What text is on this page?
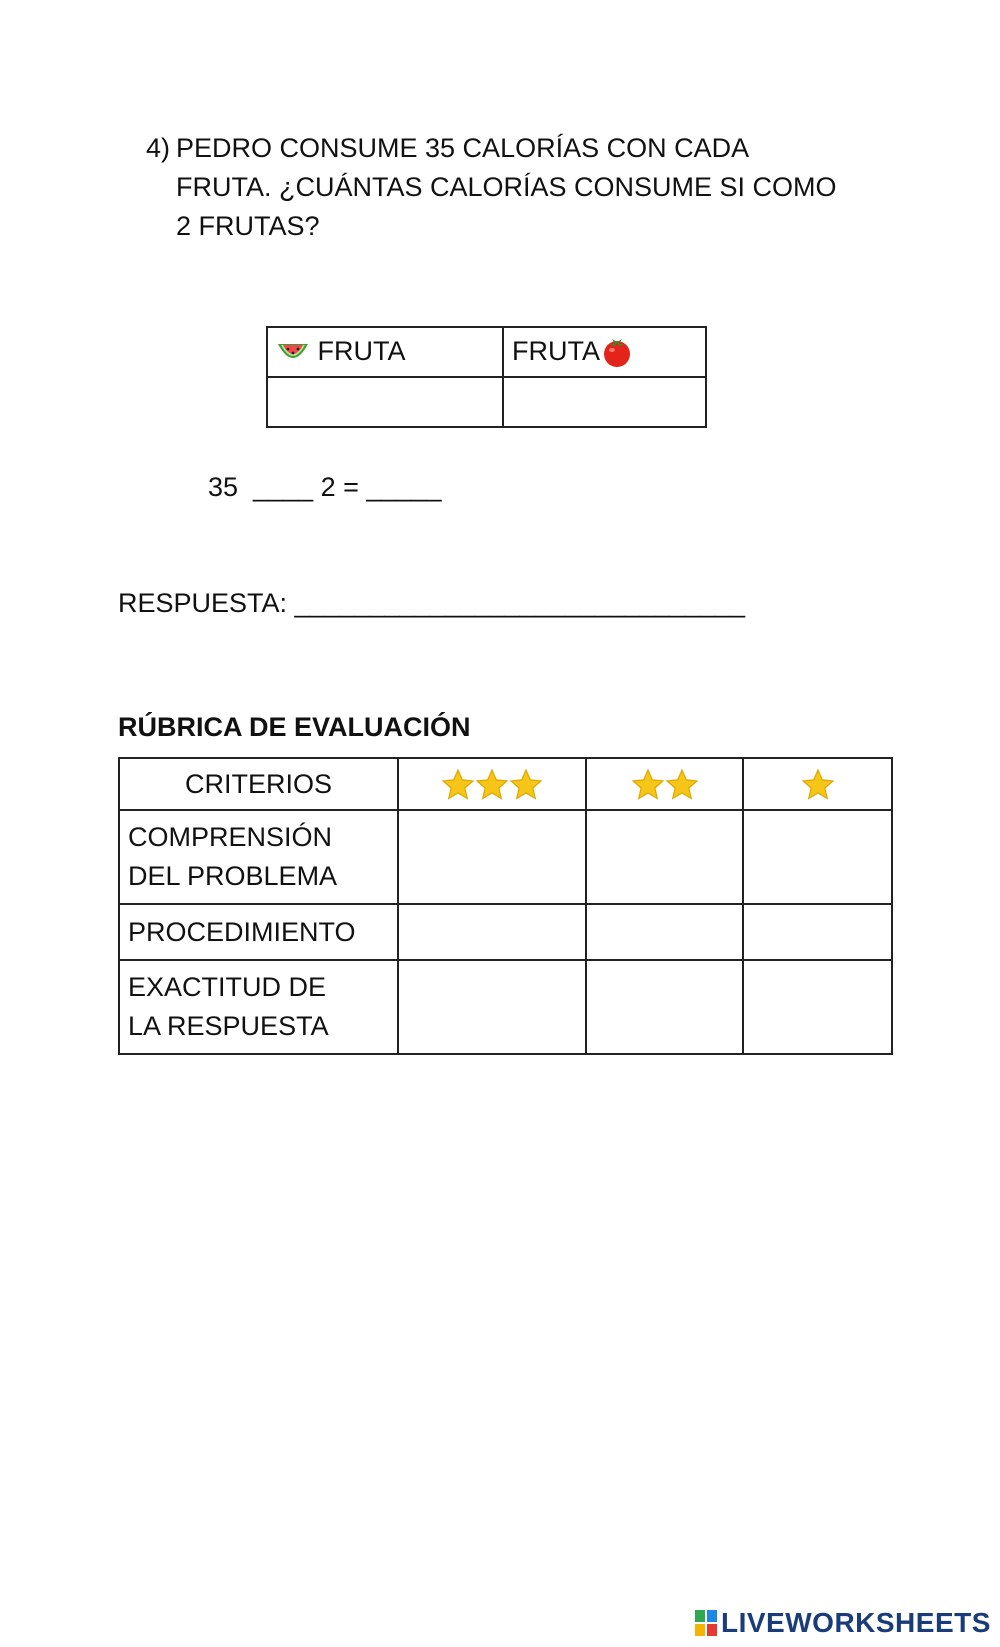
4) PEDRO CONSUME 35 CALORÍAS CON CADA FRUTA. ¿CUÁNTAS CALORÍAS CONSUME SI COMO 2 FRUTAS?
FRUTA	FRUTA

35  ____ 2 = _____
RESPUESTA: ______________________________
RÚBRICA DE EVALUACIÓN
CRITERIOS			

COMPRENSIÓN
DEL PROBLEMA			

PROCEDIMIENTO			

EXACTITUD DE
LA RESPUESTA			

LIVEWORKSHEETS
